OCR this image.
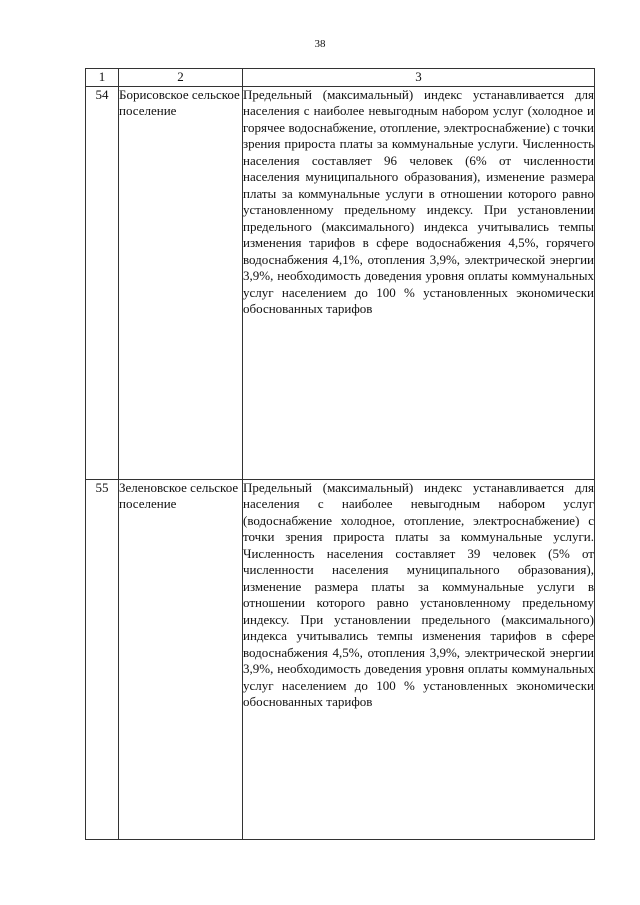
38
1	2	3
54	Борисовское сельское поселение	Предельный (максимальный) индекс устанавливается для населения с наиболее невыгодным набором услуг (холодное и горячее водоснабжение, отопление, электроснабжение) с точки зрения прироста платы за коммунальные услуги. Численность населения составляет 96 человек (6% от численности населения муниципального образования), изменение размера платы за коммунальные услуги в отношении которого равно установленному предельному индексу. При установлении предельного (максимального) индекса учитывались темпы изменения тарифов в сфере водоснабжения 4,5%, горячего водоснабжения 4,1%, отопления 3,9%, электрической энергии 3,9%, необходимость доведения уровня оплаты коммунальных услуг населением до 100 % установленных экономически обоснованных тарифов
55	Зеленовское сельское поселение	Предельный (максимальный) индекс устанавливается для населения с наиболее невыгодным набором услуг (водоснабжение холодное, отопление, электроснабжение) с точки зрения прироста платы за коммунальные услуги. Численность населения составляет 39 человек (5% от численности населения муниципального образования), изменение размера платы за коммунальные услуги в отношении которого равно установленному предельному индексу. При установлении предельного (максимального) индекса учитывались темпы изменения тарифов в сфере водоснабжения 4,5%, отопления 3,9%, электрической энергии 3,9%, необходимость доведения уровня оплаты коммунальных услуг населением до 100 % установленных экономически обоснованных тарифов
